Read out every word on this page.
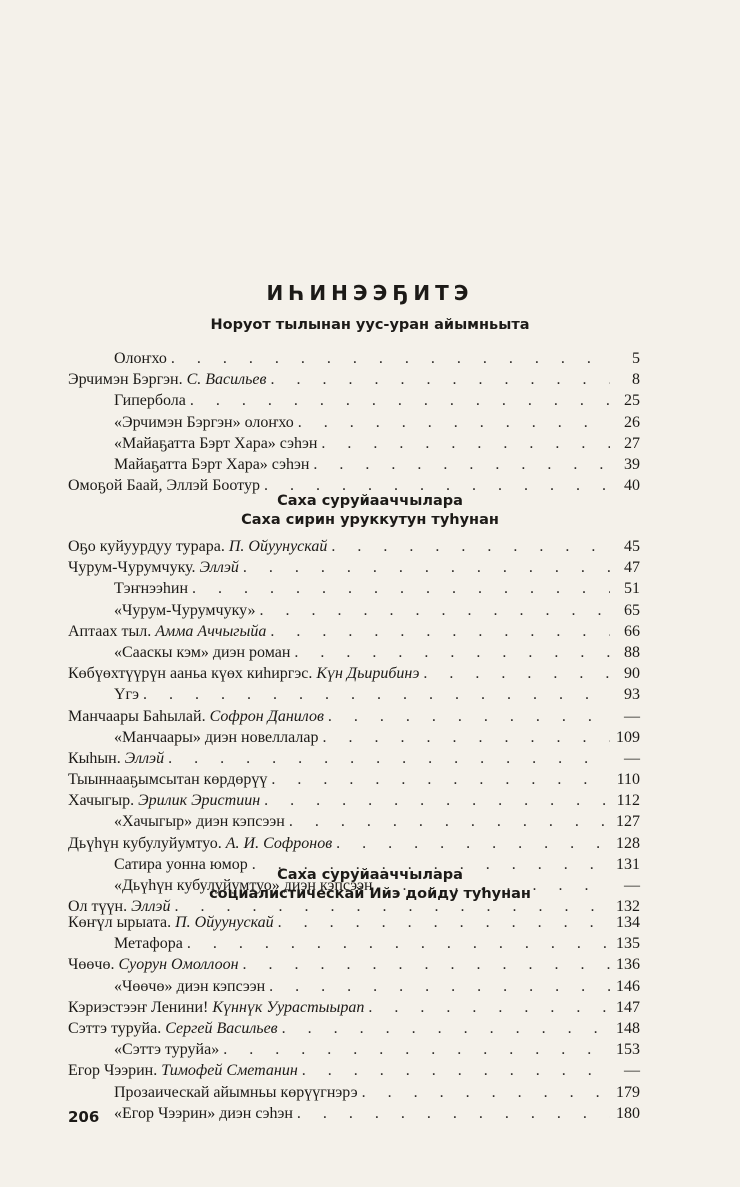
ИҺИНЭЭҔИТЭ
Норуот тылынан уус-уран айымньыта
Олоҥхо . . .	5
Эрчимэн Бэргэн. С. Васильев . . .	8
Гипербола . . .	25
«Эрчимэн Бэргэн» олоҥхо . . .	26
«Майаҕатта Бэрт Хара» сэһэн . . .	27
Майаҕатта Бэрт Хара» сэһэн . . .	39
Омоҕой Баай, Эллэй Боотур . . .	40
Саха суруйааччылара
Саха сирин уруккутун туһунан
Оҕо куйуурдуу турара. П. Ойуунускай . . .	45
Чурум-Чурумчуку. Эллэй . . .	47
Тэҥнээһин . . .	51
«Чурум-Чурумчуку» . . .	65
Аптаах тыл. Амма Аччыгыйа . . .	66
«Сааскы кэм» диэн роман . . .	88
Көбүөхтүүрүн ааньа күөх киһиргэс. Күн Дьирибинэ . . .	90
Үгэ . . .	93
Манчаары Баһылай. Софрон Данилов . . .	—
«Манчаары» диэн новеллалар . . .	109
Кыһын. Эллэй . . .	—
Тыыннааҕымсытан көрдөрүү . . .	110
Хачыгыр. Эрилик Эристиин . . .	112
«Хачыгыр» диэн кэпсээн . . .	127
Дьүһүн кубулуйумтуо. А. И. Софронов . . .	128
Сатира уонна юмор . . .	131
«Дьүһүн кубулуйумтуо» диэн кэпсээн . . .	—
Ол түүн. Эллэй . . .	132
Саха суруйааччылара
социалистическай Ийэ дойду туһунан
Көҥүл ырыата. П. Ойуунускай . . .	134
Метафора . . .	135
Чөөчө. Суорун Омоллоон . . .	136
«Чөөчө» диэн кэпсээн . . .	146
Кэриэстээҥ Ленини! Күннүк Уурастыырап . . .	147
Сэттэ туруйа. Сергей Васильев . . .	148
«Сэттэ туруйа» . . .	153
Егор Чээрин. Тимофей Сметанин . . .	—
Прозаическай айымньы көрүүгнэрэ . . .	179
«Егор Чээрин» диэн сэһэн . . .	180
206
